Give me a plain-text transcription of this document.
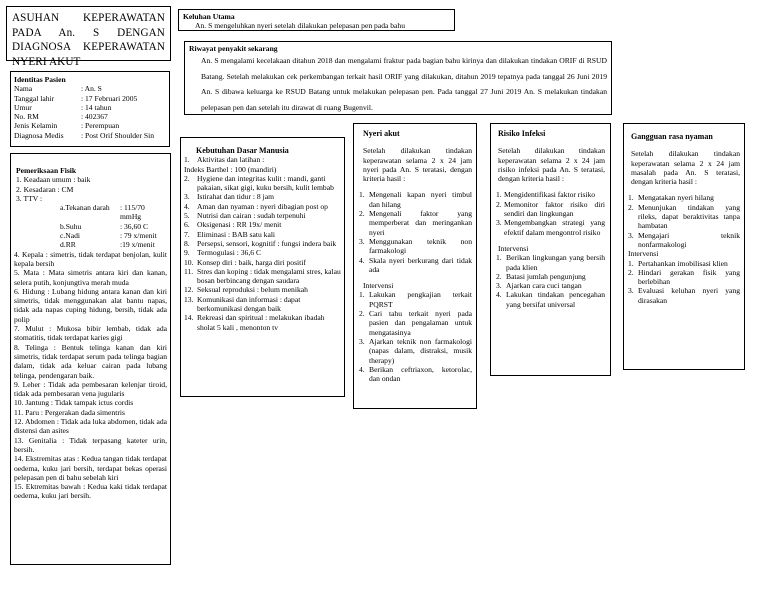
ASUHAN KEPERAWATAN PADA An. S DENGAN DIAGNOSA KEPERAWATAN NYERI AKUT
Keluhan Utama
An. S mengeluhkan nyeri setelah dilakukan pelepasan pen pada bahu
Riwayat penyakit sekarang
An. S mengalami kecelakaan ditahun 2018 dan mengalami fraktur pada bagian bahu kirinya dan dilakukan tindakan ORIF di RSUD Batang. Setelah melakukan cek perkembangan terkait hasil ORIF yang dilakukan, ditahun 2019 tepatnya pada tanggal 26 Juni 2019 An. S dibawa keluarga ke RSUD Batang untuk melakukan pelepasan pen. Pada tanggal 27 Juni 2019 An. S melakukan tindakan pelepasan pen dan setelah itu dirawat di ruang Bugenvil.
Identitas Pasien
Nama	: An. S
Tanggal lahir	: 17 Februari 2005
Umur	: 14 tahun
No. RM	: 402367
Jenis Kelamin	: Perempuan
Diagnosa Medis	: Post Orif Shoulder Sin
Pemeriksaan Fisik
1. Keadaan umum : baik
2. Kesadaran : CM
3. TTV :
a.Tekanan darah	: 115/70 mmHg
b.Suhu	: 36,60 C
c.Nadi	: 79 x/menit
d.RR	:19 x/menit
4. Kepala : simetris, tidak terdapat benjolan, kulit kepala bersih
5. Mata : Mata simetris antara kiri dan kanan, selera putih, konjungtiva merah muda
6. Hidung : Lubang hidung antara kanan dan kiri simetris, tidak menggunakan alat bantu napas, tidak ada napas cuping hidung, bersih, tidak ada polip
7. Mulut : Mukosa bibir lembab, tidak ada stomatitis, tidak terdapat karies gigi
8. Telinga : Bentuk telinga kanan dan kiri simetris, tidak terdapat serum pada telinga bagian dalam, tidak ada keluar cairan pada lubang telinga, pendengaran baik.
9. Leher : Tidak ada pembesaran kelenjar tiroid, tidak ada pembesaran vena jugularis
10. Jantung : Tidak tampak ictus cordis
11. Paru : Pergerakan dada simentris
12. Abdomen : Tidak ada luka abdomen, tidak ada distensi dan asites
13. Genitalia : Tidak terpasang kateter urin, bersih.
14. Ekstremitas atas : Kedua tangan tidak terdapat oedema, kuku jari bersih, terdapat bekas operasi pelepasan pen di bahu sebelah kiri
15. Ektremitas bawah : Kedua kaki tidak terdapat oedema, kuku jari bersih.
Kebutuhan Dasar Manusia
1. Aktivitas dan latihan :
Indeks Barthel : 100 (mandiri)
2. Hygiene dan integritas kulit : mandi, ganti pakaian, sikat gigi, kuku bersih, kulit lembab
3. Istirahat dan tidur : 8 jam
4. Aman dan nyaman : nyeri dibagian post op
5. Nutrisi dan cairan : sudah terpenuhi
6. Oksigenasi : RR 19x/ menit
7. Eliminasi : BAB satu kali
8. Persepsi, sensori, kognitif : fungsi indera baik
9. Termogulasi : 36,6 C
10. Konsep diri : baik, harga diri positif
11. Stres dan koping : tidak mengalami stres, kalau bosan berbincang dengan saudara
12. Seksual reproduksi : belum menikah
13. Komunikasi dan informasi : dapat berkomunikasi dengan baik
14. Rekreasi dan spiritual : melakukan ibadah sholat 5 kali , menonton tv
Nyeri akut
Setelah dilakukan tindakan keperawatan selama 2 x 24 jam nyeri pada An. S teratasi, dengan kriteria hasil :
1. Mengenali kapan nyeri timbul dan hilang
2. Mengenali faktor yang memperberat dan meringankan nyeri
3. Menggunakan teknik non farmakologi
4. Skala nyeri berkurang dari tidak ada
Intervensi
1. Lakukan pengkajian terkait PQRST
2. Cari tahu terkait nyeri pada pasien dan pengalaman untuk mengatasinya
3. Ajarkan teknik non farmakologi (napas dalam, distraksi, musik therapy)
4. Berikan ceftriaxon, ketorolac, dan ondan
Risiko Infeksi
Setelah dilakukan tindakan keperawatan selama 2 x 24 jam risiko infeksi pada An. S teratasi, dengan kriteria hasil :
1. Mengidentifikasi faktor risiko
2. Memonitor faktor risiko diri sendiri dan lingkungan
3. Mengembangkan strategi yang efektif dalam mengontrol risiko
Intervensi
1. Berikan lingkungan yang bersih pada klien
2. Batasi jumlah pengunjung
3. Ajarkan cara cuci tangan
4. Lakukan tindakan pencegahan yang bersifat universal
Gangguan rasa nyaman
Setelah dilakukan tindakan keperawatan selama 2 x 24 jam masalah pada An. S teratasi, dengan kriteria hasil :
1. Mengatakan nyeri hilang
2. Menunjukan tindakan yang rileks, dapat beraktivitas tanpa hambatan
3. Mengajari teknik nonfarmakologi
Intervensi
1. Pertahankan imobilisasi klien
2. Hindari gerakan fisik yang berlebihan
3. Evaluasi keluhan nyeri yang dirasakan
